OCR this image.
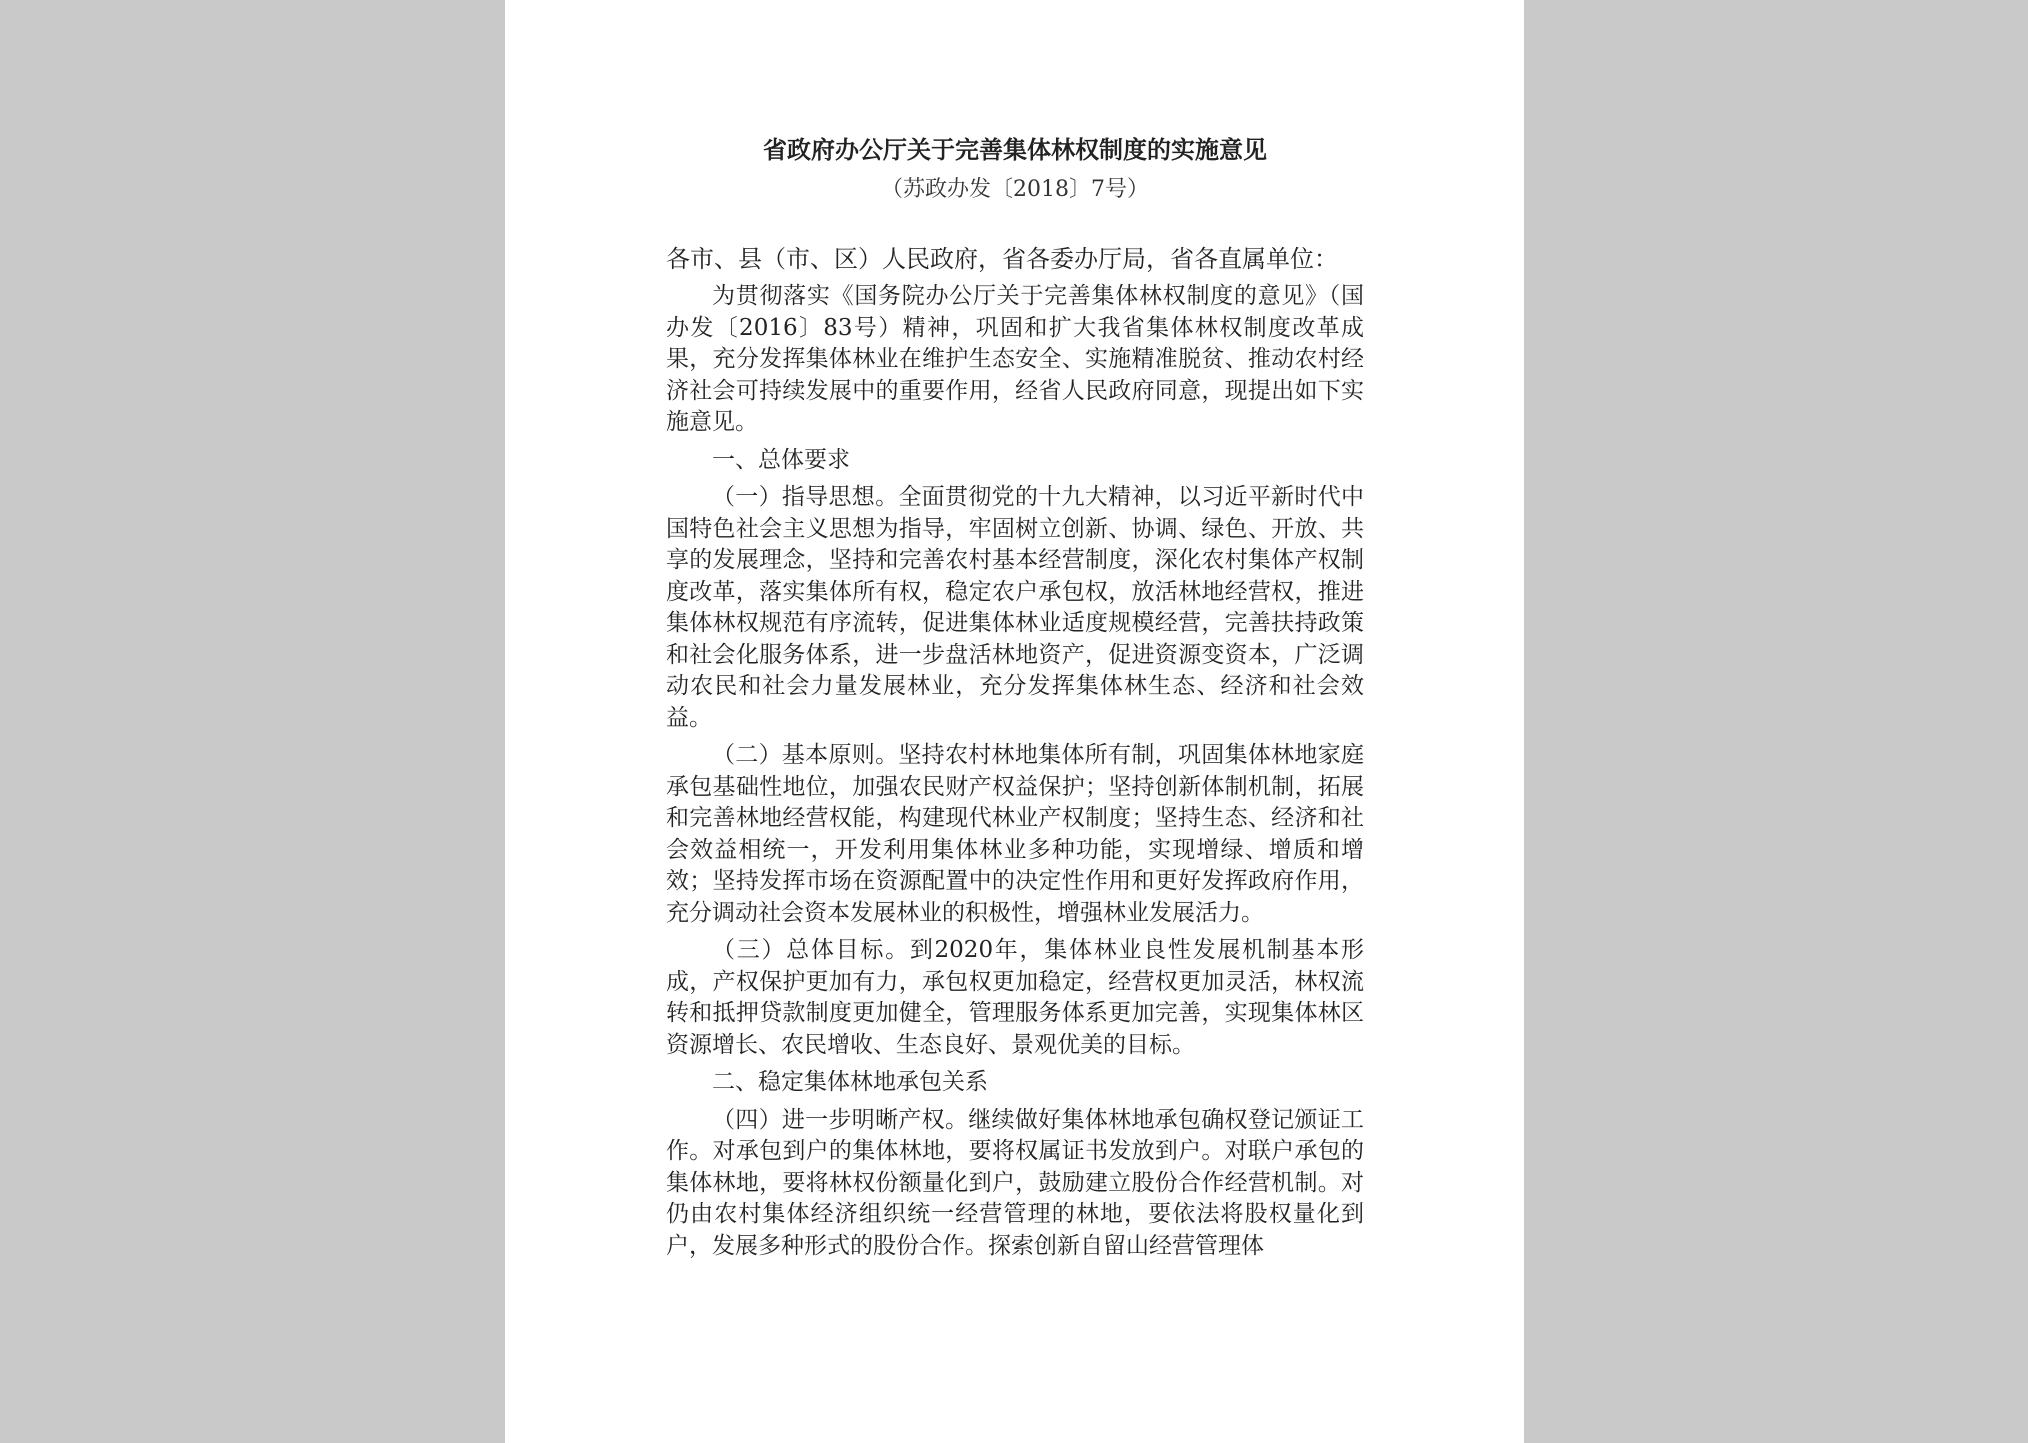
省政府办公厅关于完善集体林权制度的实施意见

（苏政办发〔2018〕7号）

各市、县（市、区）人民政府，省各委办厅局，省各直属单位：

为贯彻落实《国务院办公厅关于完善集体林权制度的意见》（国办发〔2016〕83号）精神，巩固和扩大我省集体林权制度改革成果，充分发挥集体林业在维护生态安全、实施精准脱贫、推动农村经济社会可持续发展中的重要作用，经省人民政府同意，现提出如下实施意见。

一、总体要求

（一）指导思想。全面贯彻党的十九大精神，以习近平新时代中国特色社会主义思想为指导，牢固树立创新、协调、绿色、开放、共享的发展理念，坚持和完善农村基本经营制度，深化农村集体产权制度改革，落实集体所有权，稳定农户承包权，放活林地经营权，推进集体林权规范有序流转，促进集体林业适度规模经营，完善扶持政策和社会化服务体系，进一步盘活林地资产，促进资源变资本，广泛调动农民和社会力量发展林业，充分发挥集体林生态、经济和社会效益。

（二）基本原则。坚持农村林地集体所有制，巩固集体林地家庭承包基础性地位，加强农民财产权益保护；坚持创新体制机制，拓展和完善林地经营权能，构建现代林业产权制度；坚持生态、经济和社会效益相统一，开发利用集体林业多种功能，实现增绿、增质和增效；坚持发挥市场在资源配置中的决定性作用和更好发挥政府作用，充分调动社会资本发展林业的积极性，增强林业发展活力。

（三）总体目标。到2020年，集体林业良性发展机制基本形成，产权保护更加有力，承包权更加稳定，经营权更加灵活，林权流转和抵押贷款制度更加健全，管理服务体系更加完善，实现集体林区资源增长、农民增收、生态良好、景观优美的目标。

二、稳定集体林地承包关系

（四）进一步明晰产权。继续做好集体林地承包确权登记颁证工作。对承包到户的集体林地，要将权属证书发放到户。对联户承包的集体林地，要将林权份额量化到户，鼓励建立股份合作经营机制。对仍由农村集体经济组织统一经营管理的林地，要依法将股权量化到户，发展多种形式的股份合作。探索创新自留山经营管理体
